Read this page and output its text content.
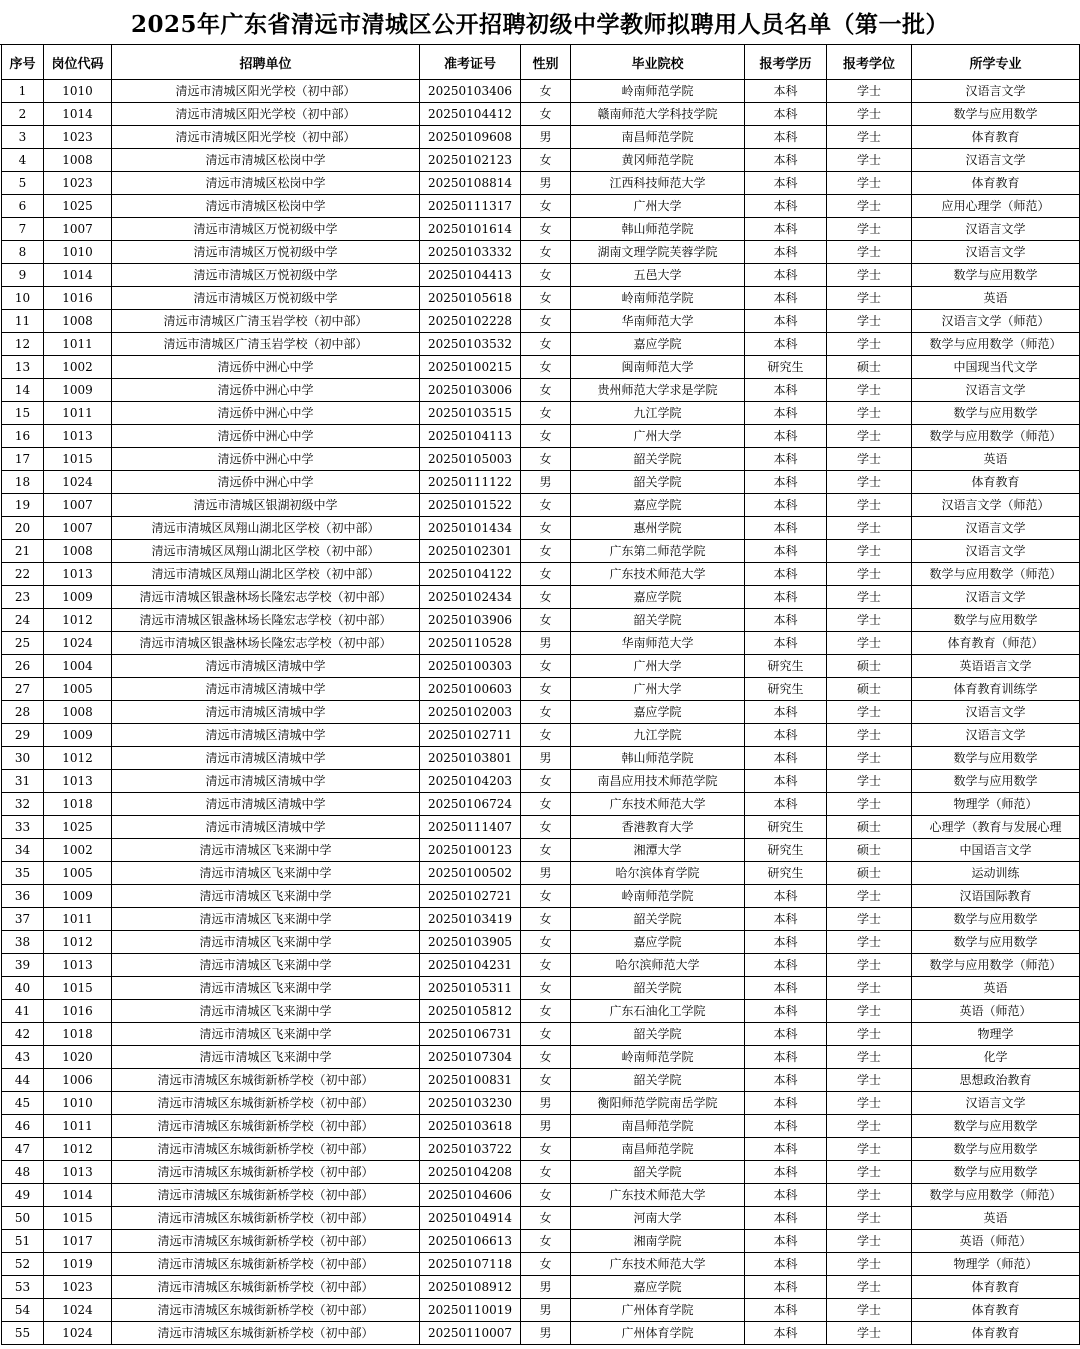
2025年广东省清远市清城区公开招聘初级中学教师拟聘用人员名单（第一批）
序号	岗位代码	招聘单位	准考证号	性别	毕业院校	报考学历	报考学位	所学专业
1	1010	清远市清城区阳光学校（初中部）	20250103406	女	岭南师范学院	本科	学士	汉语言文学
2	1014	清远市清城区阳光学校（初中部）	20250104412	女	赣南师范大学科技学院	本科	学士	数学与应用数学
3	1023	清远市清城区阳光学校（初中部）	20250109608	男	南昌师范学院	本科	学士	体育教育
4	1008	清远市清城区松岗中学	20250102123	女	黄冈师范学院	本科	学士	汉语言文学
5	1023	清远市清城区松岗中学	20250108814	男	江西科技师范大学	本科	学士	体育教育
6	1025	清远市清城区松岗中学	20250111317	女	广州大学	本科	学士	应用心理学（师范）
7	1007	清远市清城区万悦初级中学	20250101614	女	韩山师范学院	本科	学士	汉语言文学
8	1010	清远市清城区万悦初级中学	20250103332	女	湖南文理学院芙蓉学院	本科	学士	汉语言文学
9	1014	清远市清城区万悦初级中学	20250104413	女	五邑大学	本科	学士	数学与应用数学
10	1016	清远市清城区万悦初级中学	20250105618	女	岭南师范学院	本科	学士	英语
11	1008	清远市清城区广清玉岩学校（初中部）	20250102228	女	华南师范大学	本科	学士	汉语言文学（师范）
12	1011	清远市清城区广清玉岩学校（初中部）	20250103532	女	嘉应学院	本科	学士	数学与应用数学（师范）
13	1002	清远侨中洲心中学	20250100215	女	闽南师范大学	研究生	硕士	中国现当代文学
14	1009	清远侨中洲心中学	20250103006	女	贵州师范大学求是学院	本科	学士	汉语言文学
15	1011	清远侨中洲心中学	20250103515	女	九江学院	本科	学士	数学与应用数学
16	1013	清远侨中洲心中学	20250104113	女	广州大学	本科	学士	数学与应用数学（师范）
17	1015	清远侨中洲心中学	20250105003	女	韶关学院	本科	学士	英语
18	1024	清远侨中洲心中学	20250111122	男	韶关学院	本科	学士	体育教育
19	1007	清远市清城区银湖初级中学	20250101522	女	嘉应学院	本科	学士	汉语言文学（师范）
20	1007	清远市清城区凤翔山湖北区学校（初中部）	20250101434	女	惠州学院	本科	学士	汉语言文学
21	1008	清远市清城区凤翔山湖北区学校（初中部）	20250102301	女	广东第二师范学院	本科	学士	汉语言文学
22	1013	清远市清城区凤翔山湖北区学校（初中部）	20250104122	女	广东技术师范大学	本科	学士	数学与应用数学（师范）
23	1009	清远市清城区银盏林场长隆宏志学校（初中部）	20250102434	女	嘉应学院	本科	学士	汉语言文学
24	1012	清远市清城区银盏林场长隆宏志学校（初中部）	20250103906	女	韶关学院	本科	学士	数学与应用数学
25	1024	清远市清城区银盏林场长隆宏志学校（初中部）	20250110528	男	华南师范大学	本科	学士	体育教育（师范）
26	1004	清远市清城区清城中学	20250100303	女	广州大学	研究生	硕士	英语语言文学
27	1005	清远市清城区清城中学	20250100603	女	广州大学	研究生	硕士	体育教育训练学
28	1008	清远市清城区清城中学	20250102003	女	嘉应学院	本科	学士	汉语言文学
29	1009	清远市清城区清城中学	20250102711	女	九江学院	本科	学士	汉语言文学
30	1012	清远市清城区清城中学	20250103801	男	韩山师范学院	本科	学士	数学与应用数学
31	1013	清远市清城区清城中学	20250104203	女	南昌应用技术师范学院	本科	学士	数学与应用数学
32	1018	清远市清城区清城中学	20250106724	女	广东技术师范大学	本科	学士	物理学（师范）
33	1025	清远市清城区清城中学	20250111407	女	香港教育大学	研究生	硕士	心理学（教育与发展心理
34	1002	清远市清城区飞来湖中学	20250100123	女	湘潭大学	研究生	硕士	中国语言文学
35	1005	清远市清城区飞来湖中学	20250100502	男	哈尔滨体育学院	研究生	硕士	运动训练
36	1009	清远市清城区飞来湖中学	20250102721	女	岭南师范学院	本科	学士	汉语国际教育
37	1011	清远市清城区飞来湖中学	20250103419	女	韶关学院	本科	学士	数学与应用数学
38	1012	清远市清城区飞来湖中学	20250103905	女	嘉应学院	本科	学士	数学与应用数学
39	1013	清远市清城区飞来湖中学	20250104231	女	哈尔滨师范大学	本科	学士	数学与应用数学（师范）
40	1015	清远市清城区飞来湖中学	20250105311	女	韶关学院	本科	学士	英语
41	1016	清远市清城区飞来湖中学	20250105812	女	广东石油化工学院	本科	学士	英语（师范）
42	1018	清远市清城区飞来湖中学	20250106731	女	韶关学院	本科	学士	物理学
43	1020	清远市清城区飞来湖中学	20250107304	女	岭南师范学院	本科	学士	化学
44	1006	清远市清城区东城街新桥学校（初中部）	20250100831	女	韶关学院	本科	学士	思想政治教育
45	1010	清远市清城区东城街新桥学校（初中部）	20250103230	男	衡阳师范学院南岳学院	本科	学士	汉语言文学
46	1011	清远市清城区东城街新桥学校（初中部）	20250103618	男	南昌师范学院	本科	学士	数学与应用数学
47	1012	清远市清城区东城街新桥学校（初中部）	20250103722	女	南昌师范学院	本科	学士	数学与应用数学
48	1013	清远市清城区东城街新桥学校（初中部）	20250104208	女	韶关学院	本科	学士	数学与应用数学
49	1014	清远市清城区东城街新桥学校（初中部）	20250104606	女	广东技术师范大学	本科	学士	数学与应用数学（师范）
50	1015	清远市清城区东城街新桥学校（初中部）	20250104914	女	河南大学	本科	学士	英语
51	1017	清远市清城区东城街新桥学校（初中部）	20250106613	女	湘南学院	本科	学士	英语（师范）
52	1019	清远市清城区东城街新桥学校（初中部）	20250107118	女	广东技术师范大学	本科	学士	物理学（师范）
53	1023	清远市清城区东城街新桥学校（初中部）	20250108912	男	嘉应学院	本科	学士	体育教育
54	1024	清远市清城区东城街新桥学校（初中部）	20250110019	男	广州体育学院	本科	学士	体育教育
55	1024	清远市清城区东城街新桥学校（初中部）	20250110007	男	广州体育学院	本科	学士	体育教育
